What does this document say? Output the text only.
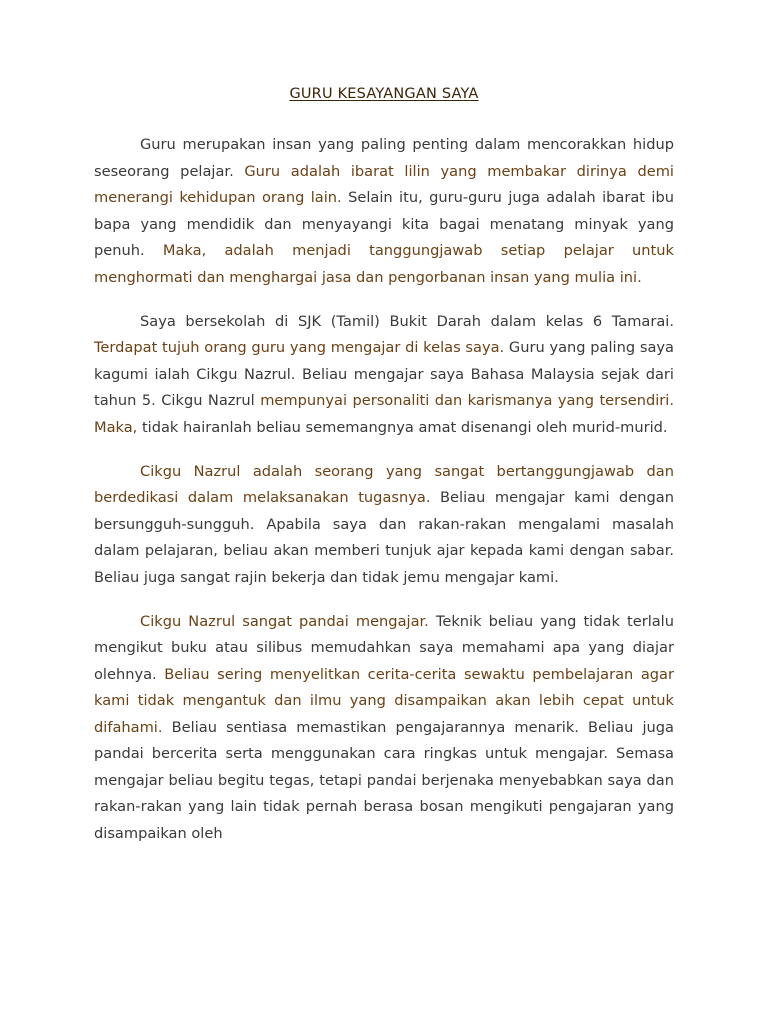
GURU KESAYANGAN SAYA

Guru merupakan insan yang paling penting dalam mencorakkan hidup seseorang pelajar. Guru adalah ibarat lilin yang membakar dirinya demi menerangi kehidupan orang lain. Selain itu, guru-guru juga adalah ibarat ibu bapa yang mendidik dan menyayangi kita bagai menatang minyak yang penuh. Maka, adalah menjadi tanggungjawab setiap pelajar untuk menghormati dan menghargai jasa dan pengorbanan insan yang mulia ini.

Saya bersekolah di SJK (Tamil) Bukit Darah dalam kelas 6 Tamarai. Terdapat tujuh orang guru yang mengajar di kelas saya. Guru yang paling saya kagumi ialah Cikgu Nazrul. Beliau mengajar saya Bahasa Malaysia sejak dari tahun 5. Cikgu Nazrul mempunyai personaliti dan karismanya yang tersendiri. Maka, tidak hairanlah beliau sememangnya amat disenangi oleh murid-murid.

Cikgu Nazrul adalah seorang yang sangat bertanggungjawab dan berdedikasi dalam melaksanakan tugasnya. Beliau mengajar kami dengan bersungguh-sungguh. Apabila saya dan rakan-rakan mengalami masalah dalam pelajaran, beliau akan memberi tunjuk ajar kepada kami dengan sabar. Beliau juga sangat rajin bekerja dan tidak jemu mengajar kami.

Cikgu Nazrul sangat pandai mengajar. Teknik beliau yang tidak terlalu mengikut buku atau silibus memudahkan saya memahami apa yang diajar olehnya. Beliau sering menyelitkan cerita-cerita sewaktu pembelajaran agar kami tidak mengantuk dan ilmu yang disampaikan akan lebih cepat untuk difahami. Beliau sentiasa memastikan pengajarannya menarik. Beliau juga pandai bercerita serta menggunakan cara ringkas untuk mengajar. Semasa mengajar beliau begitu tegas, tetapi pandai berjenaka menyebabkan saya dan rakan-rakan yang lain tidak pernah berasa bosan mengikuti pengajaran yang disampaikan oleh
